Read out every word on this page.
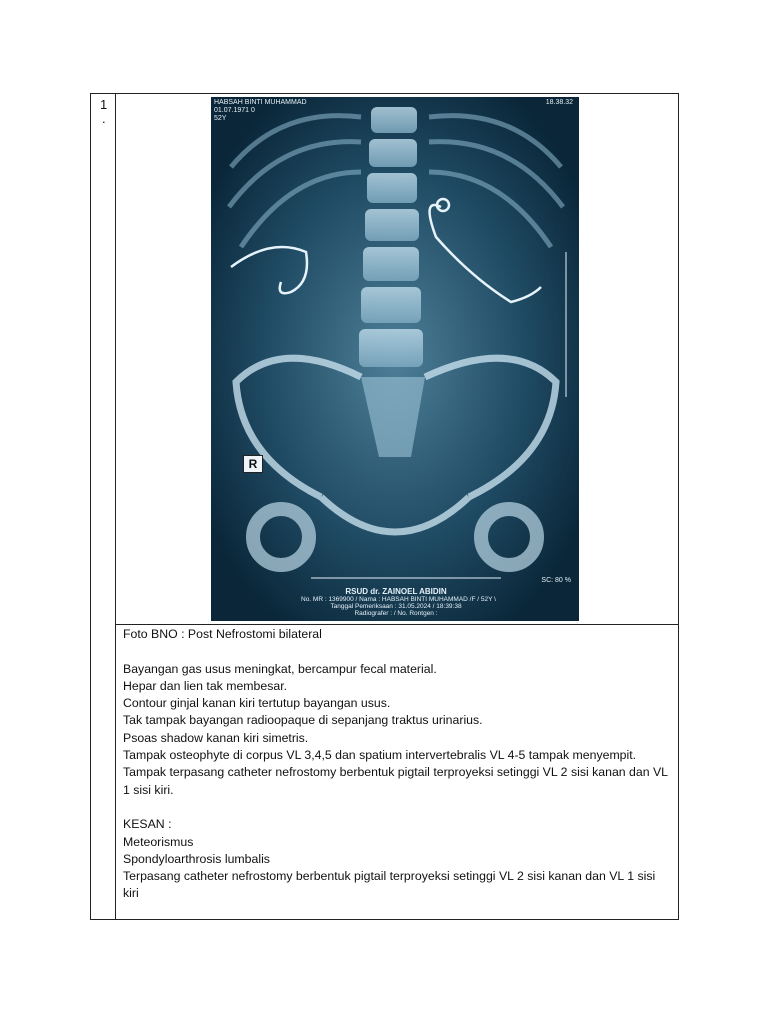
1
.
HABSAH BINTI MUHAMMAD
01.07.1971 0
52Y
18.38.32
SC: 80 %
R
RSUD dr. ZAINOEL ABIDIN
No. MR : 1369900 / Nama : HABSAH BINTI MUHAMMAD /F / 52Y \
Tanggal Pemeriksaan : 31.05.2024 / 18:39:38
Radiografer : / No. Rontgen :

Foto BNO : Post Nefrostomi bilateral

Bayangan gas usus meningkat, bercampur fecal material.

Hepar dan lien tak membesar.

Contour ginjal kanan kiri tertutup bayangan usus.

Tak tampak bayangan radioopaque di sepanjang traktus urinarius.

Psoas shadow kanan kiri simetris.

Tampak osteophyte di corpus VL 3,4,5 dan spatium intervertebralis VL 4-5 tampak menyempit.

Tampak terpasang catheter nefrostomy berbentuk pigtail terproyeksi setinggi VL 2 sisi kanan dan VL 1 sisi kiri.

KESAN :

Meteorismus

Spondyloarthrosis lumbalis

Terpasang catheter nefrostomy berbentuk pigtail terproyeksi setinggi VL 2 sisi kanan dan VL 1 sisi kiri
